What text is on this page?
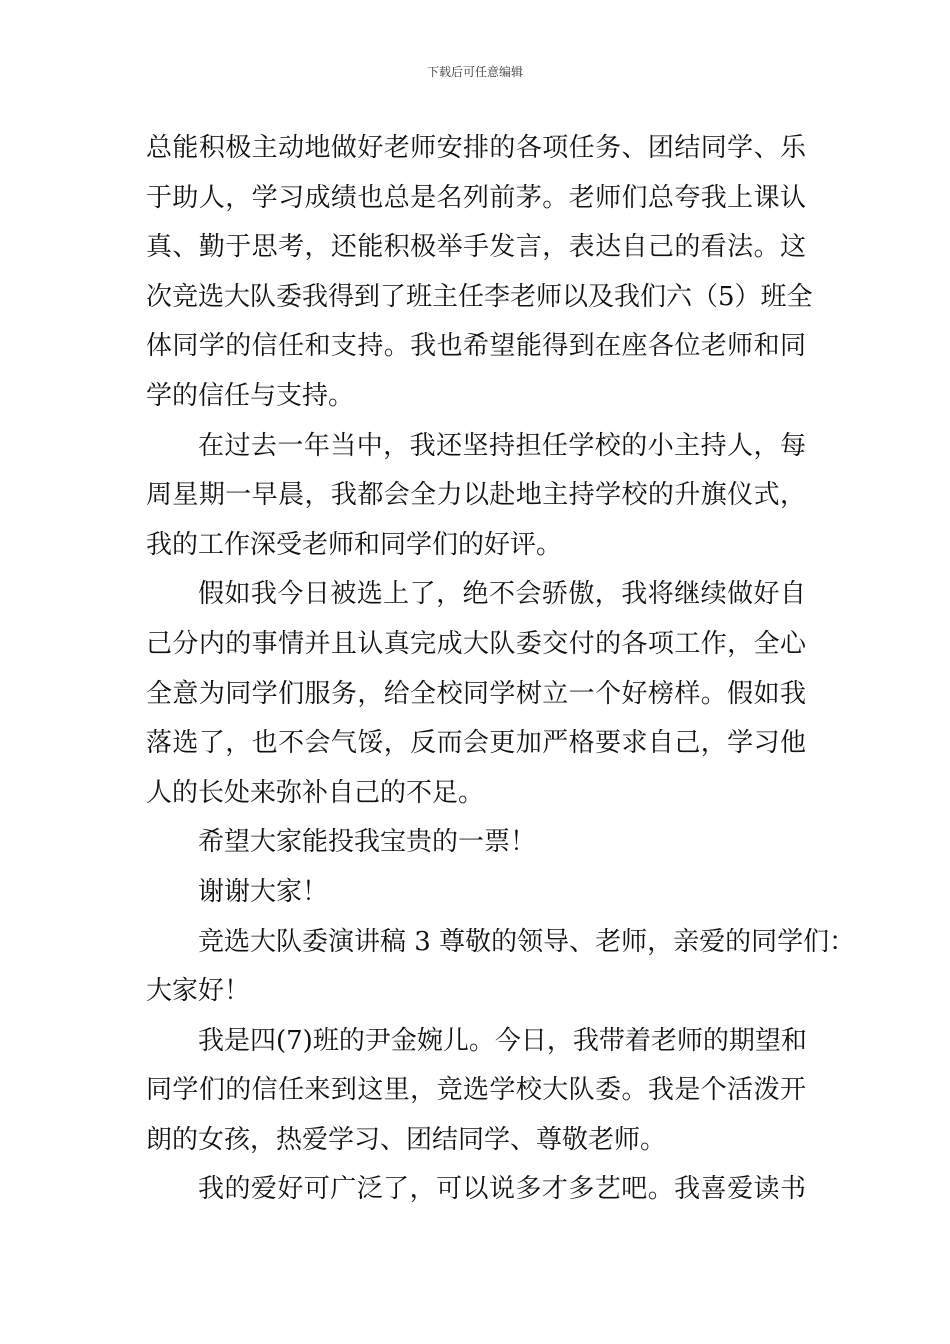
下载后可任意编辑
总能积极主动地做好老师安排的各项任务、团结同学、乐
于助人，学习成绩也总是名列前茅。老师们总夸我上课认
真、勤于思考，还能积极举手发言，表达自己的看法。这
次竞选大队委我得到了班主任李老师以及我们六（5）班全
体同学的信任和支持。我也希望能得到在座各位老师和同
学的信任与支持。
在过去一年当中，我还坚持担任学校的小主持人，每
周星期一早晨，我都会全力以赴地主持学校的升旗仪式，
我的工作深受老师和同学们的好评。
假如我今日被选上了，绝不会骄傲，我将继续做好自
己分内的事情并且认真完成大队委交付的各项工作，全心
全意为同学们服务，给全校同学树立一个好榜样。假如我
落选了，也不会气馁，反而会更加严格要求自己，学习他
人的长处来弥补自己的不足。
希望大家能投我宝贵的一票！
谢谢大家！
竞选大队委演讲稿 3 尊敬的领导、老师，亲爱的同学们：
大家好！
我是四(7)班的尹金婉儿。今日，我带着老师的期望和
同学们的信任来到这里，竞选学校大队委。我是个活泼开
朗的女孩，热爱学习、团结同学、尊敬老师。
我的爱好可广泛了，可以说多才多艺吧。我喜爱读书
